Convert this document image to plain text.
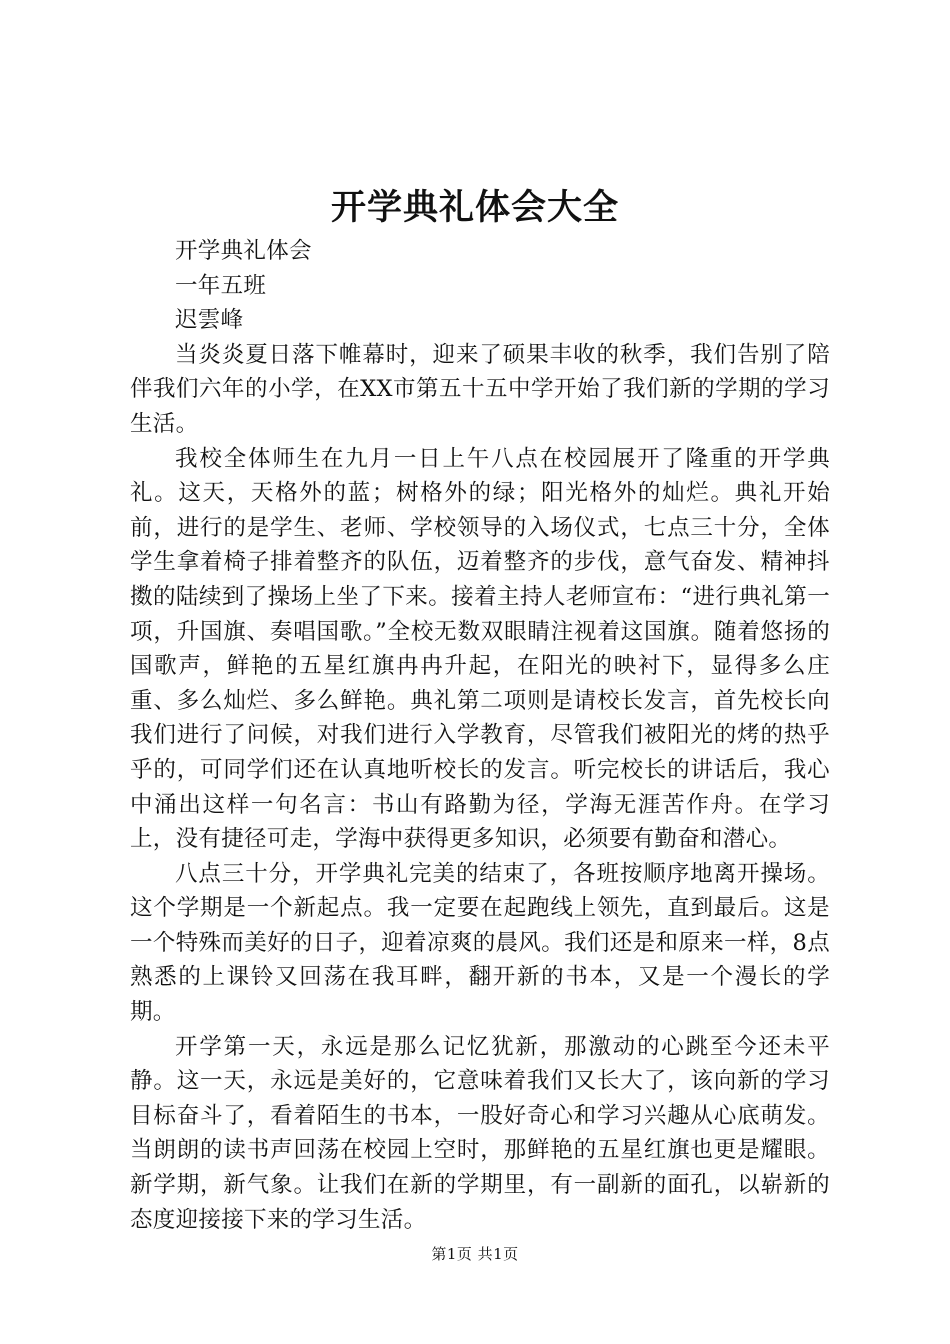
开学典礼体会大全

开学典礼体会

一年五班

迟雲峰

当炎炎夏日落下帷幕时，迎来了硕果丰收的秋季，我们告别了陪伴我们六年的小学，在XX市第五十五中学开始了我们新的学期的学习生活。

我校全体师生在九月一日上午八点在校园展开了隆重的开学典礼。这天，天格外的蓝；树格外的绿；阳光格外的灿烂。典礼开始前，进行的是学生、老师、学校领导的入场仪式，七点三十分，全体学生拿着椅子排着整齐的队伍，迈着整齐的步伐，意气奋发、精神抖擞的陆续到了操场上坐了下来。接着主持人老师宣布：“进行典礼第一项，升国旗、奏唱国歌。”全校无数双眼睛注视着这国旗。随着悠扬的国歌声，鲜艳的五星红旗冉冉升起，在阳光的映衬下，显得多么庄重、多么灿烂、多么鲜艳。典礼第二项则是请校长发言，首先校长向我们进行了问候，对我们进行入学教育，尽管我们被阳光的烤的热乎乎的，可同学们还在认真地听校长的发言。听完校长的讲话后，我心中涌出这样一句名言：书山有路勤为径，学海无涯苦作舟。在学习上，没有捷径可走，学海中获得更多知识，必须要有勤奋和潜心。

八点三十分，开学典礼完美的结束了，各班按顺序地离开操场。这个学期是一个新起点。我一定要在起跑线上领先，直到最后。这是一个特殊而美好的日子，迎着凉爽的晨风。我们还是和原来一样，8点熟悉的上课铃又回荡在我耳畔，翻开新的书本，又是一个漫长的学期。

开学第一天，永远是那么记忆犹新，那激动的心跳至今还未平静。这一天，永远是美好的，它意味着我们又长大了，该向新的学习目标奋斗了，看着陌生的书本，一股好奇心和学习兴趣从心底萌发。当朗朗的读书声回荡在校园上空时，那鲜艳的五星红旗也更是耀眼。新学期，新气象。让我们在新的学期里，有一副新的面孔，以崭新的态度迎接接下来的学习生活。

第1页 共1页
